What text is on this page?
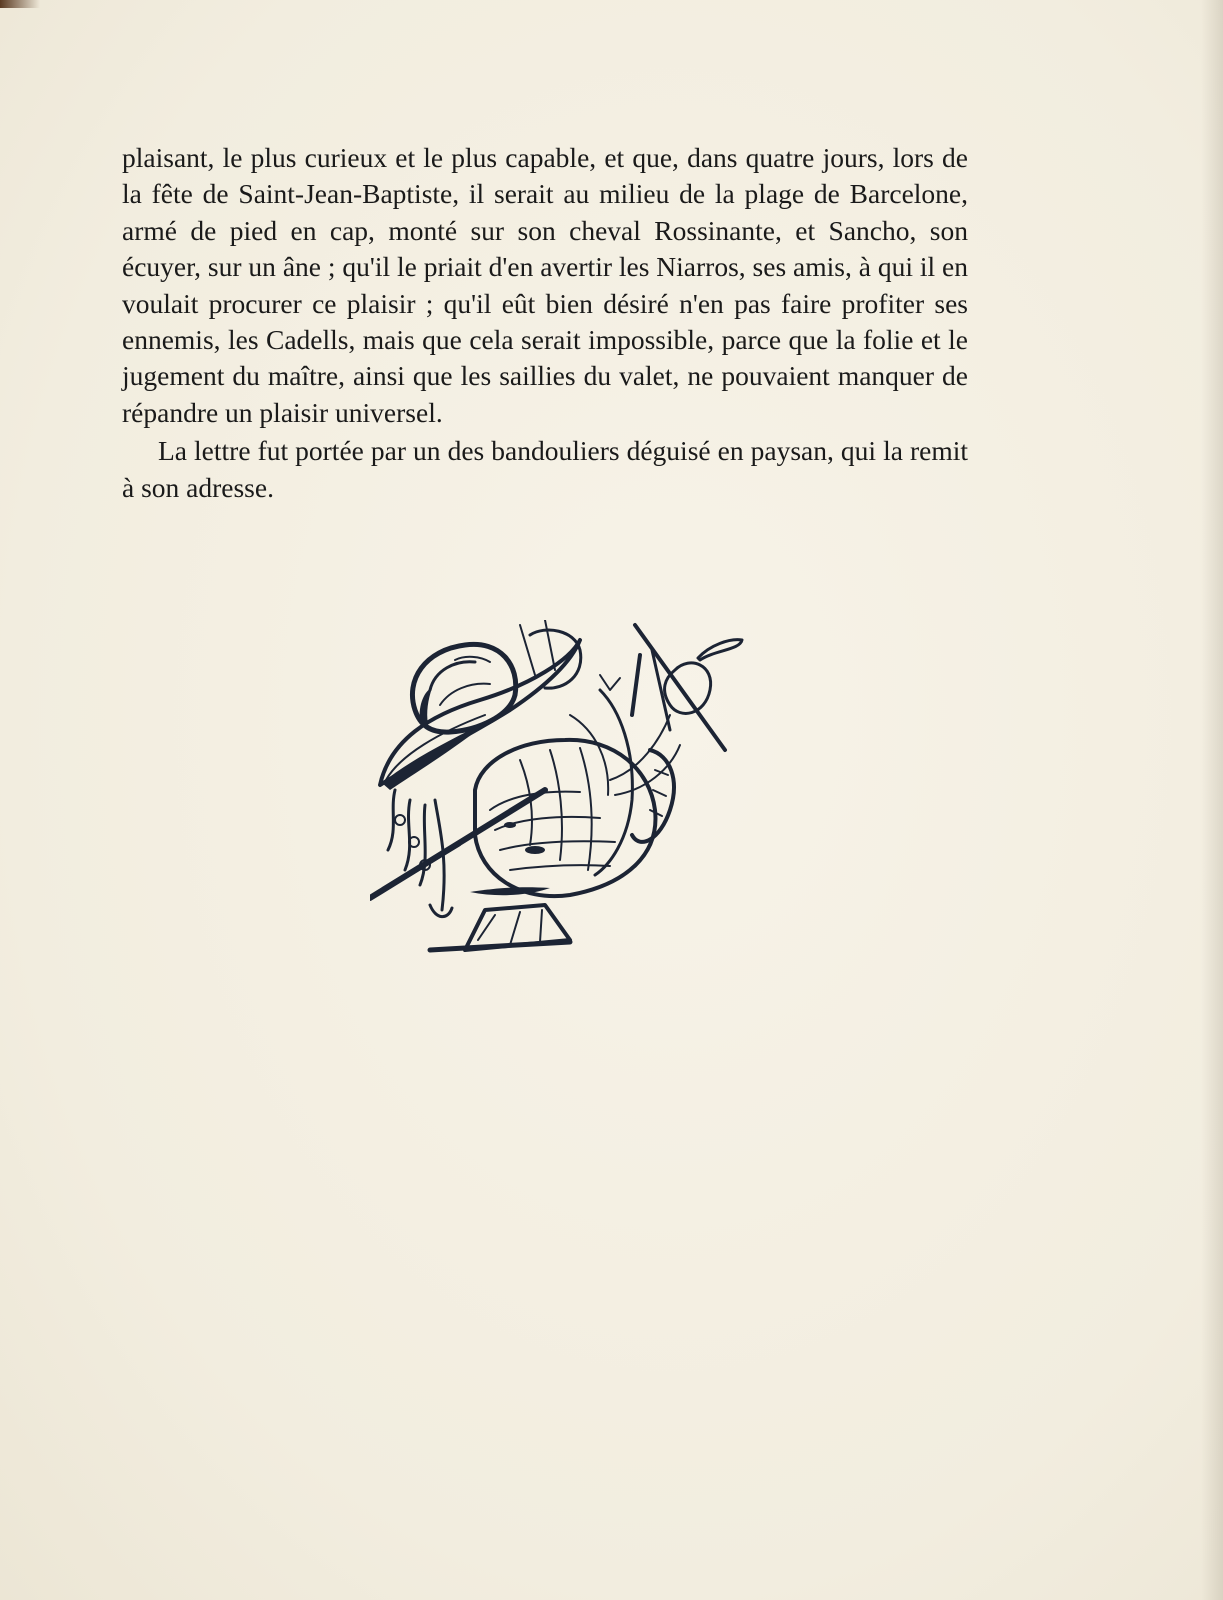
plaisant, le plus curieux et le plus capable, et que, dans quatre jours, lors de la fête de Saint-Jean-Baptiste, il serait au milieu de la plage de Barcelone, armé de pied en cap, monté sur son cheval Rossinante, et Sancho, son écuyer, sur un âne ; qu'il le priait d'en avertir les Niarros, ses amis, à qui il en voulait procurer ce plaisir ; qu'il eût bien désiré n'en pas faire profiter ses ennemis, les Cadells, mais que cela serait impossible, parce que la folie et le jugement du maître, ainsi que les saillies du valet, ne pouvaient manquer de répandre un plaisir universel.

La lettre fut portée par un des bandouliers déguisé en paysan, qui la remit à son adresse.
